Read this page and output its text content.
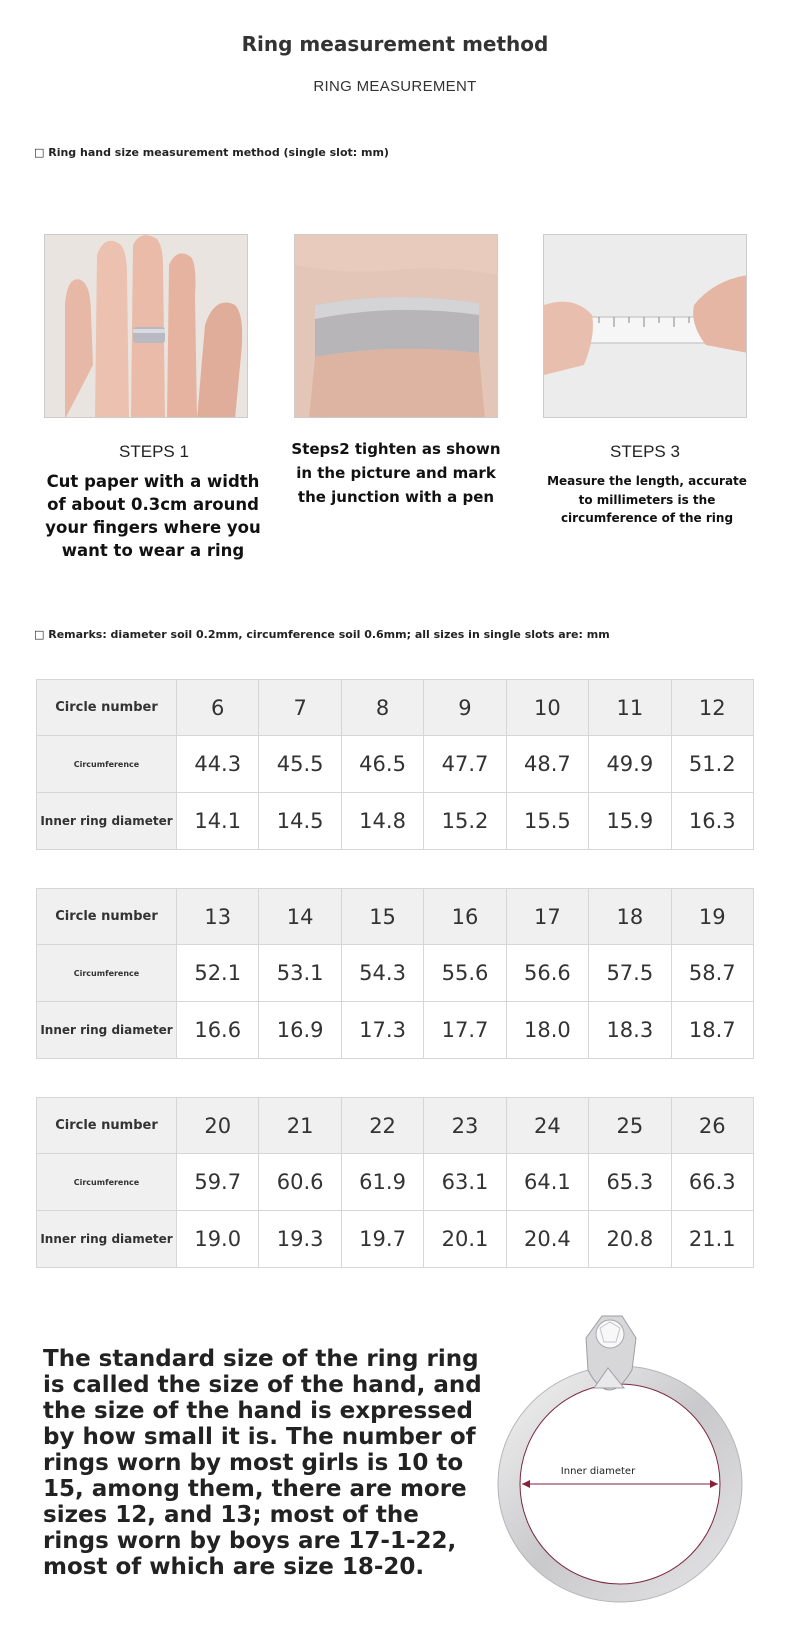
Ring measurement method
RING MEASUREMENT
□ Ring hand size measurement method (single slot: mm)
STEPS 1
Cut paper with a width of about 0.3cm around your fingers where you want to wear a ring
Steps2 tighten as shown in the picture and mark the junction with a pen
STEPS 3
Measure the length, accurate to millimeters is the circumference of the ring
□ Remarks: diameter soil 0.2mm, circumference soil 0.6mm; all sizes in single slots are: mm
Circle number	6	7	8	9	10	11	12
Circumference	44.3	45.5	46.5	47.7	48.7	49.9	51.2
Inner ring diameter	14.1	14.5	14.8	15.2	15.5	15.9	16.3
Circle number	13	14	15	16	17	18	19
Circumference	52.1	53.1	54.3	55.6	56.6	57.5	58.7
Inner ring diameter	16.6	16.9	17.3	17.7	18.0	18.3	18.7
Circle number	20	21	22	23	24	25	26
Circumference	59.7	60.6	61.9	63.1	64.1	65.3	66.3
Inner ring diameter	19.0	19.3	19.7	20.1	20.4	20.8	21.1
The standard size of the ring ring is called the size of the hand, and the size of the hand is expressed by how small it is. The number of rings worn by most girls is 10 to 15, among them, there are more sizes 12, and 13; most of the rings worn by boys are 17-1-22, most of which are size 18-20.
Inner diameter
